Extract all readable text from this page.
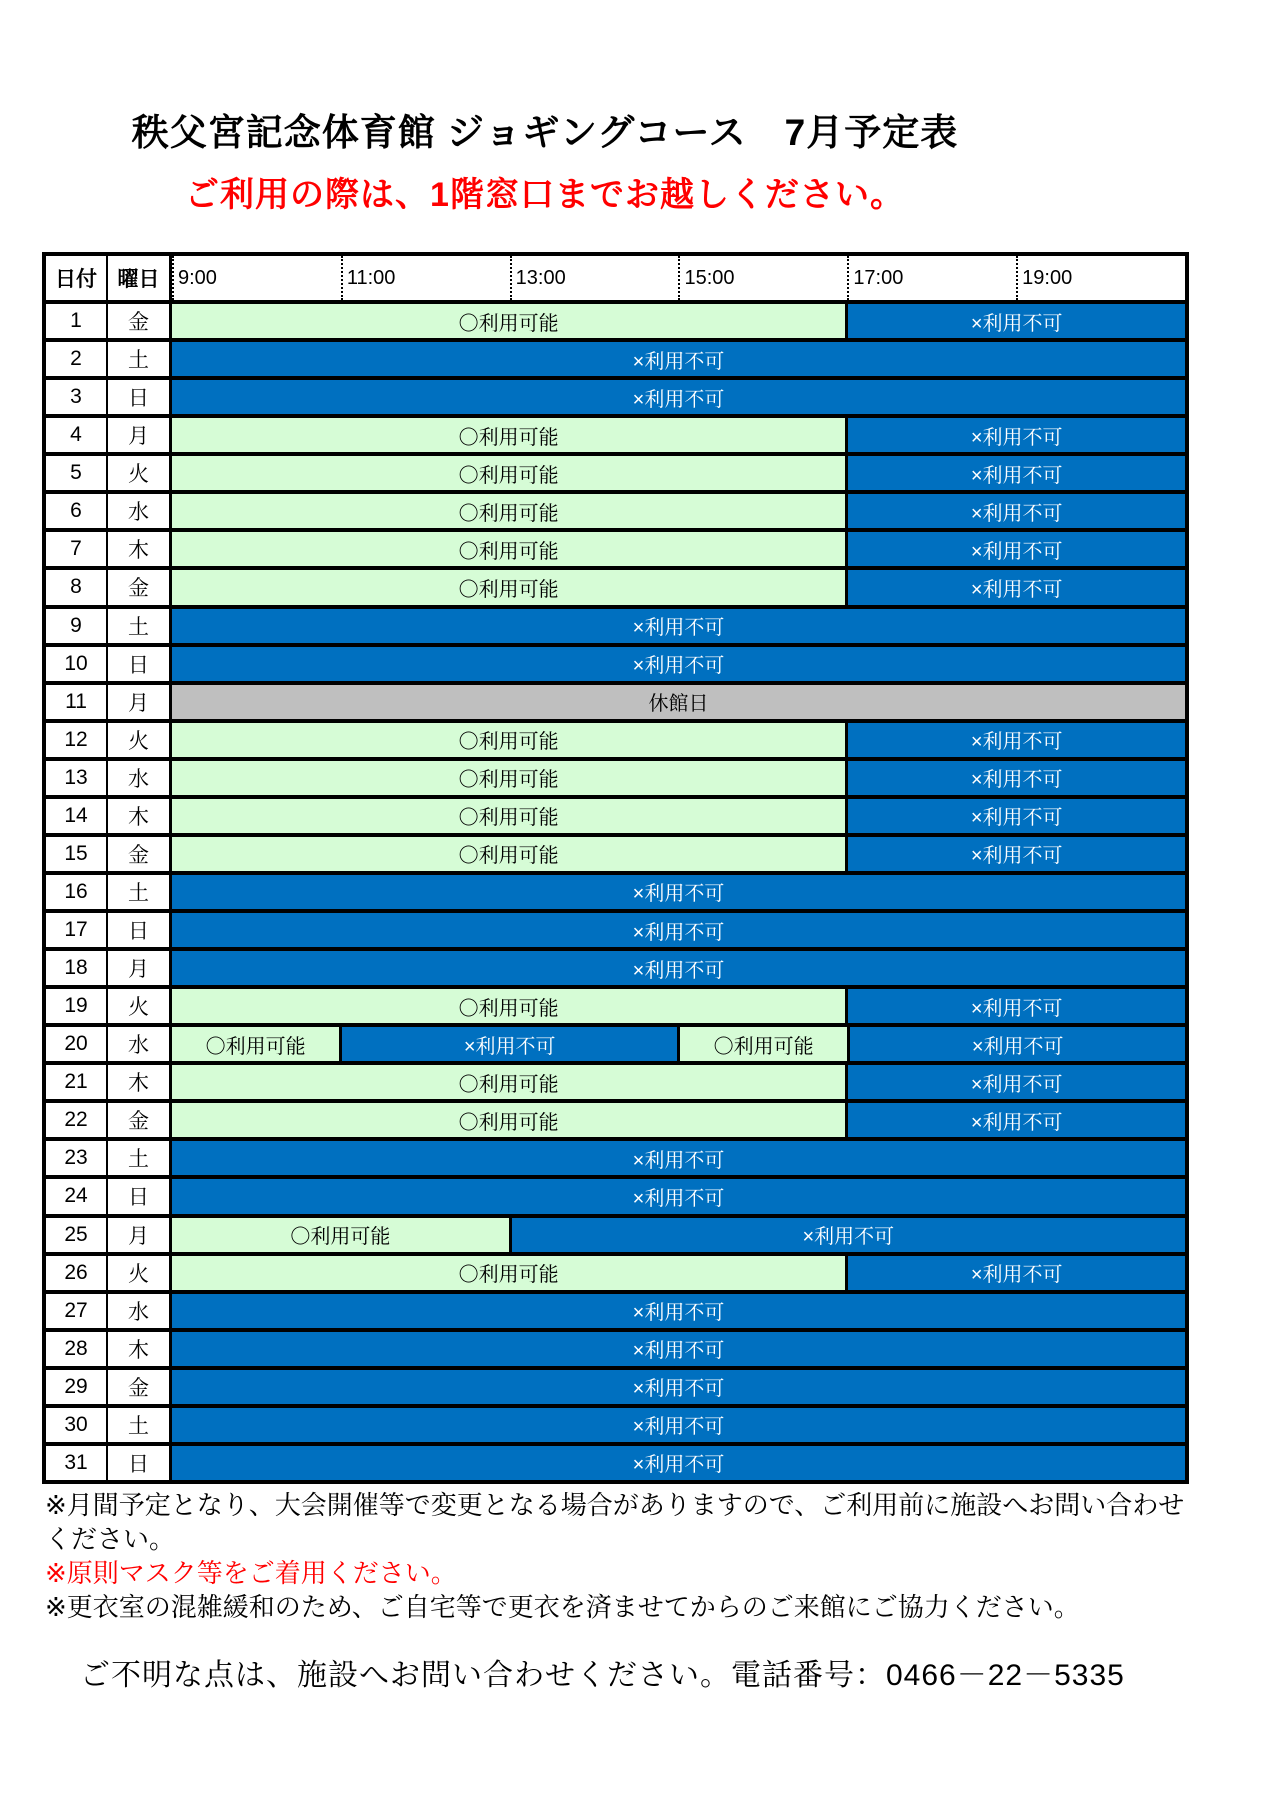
秩父宮記念体育館 ジョギングコース　7月予定表
ご利用の際は、1階窓口までお越しください。
日付 曜日 9:00	11:00	13:00	15:00	17:00	19:00
1	金	〇利用可能	×利用不可
2	土	×利用不可
3	日	×利用不可
4	月	〇利用可能	×利用不可
5	火	〇利用可能	×利用不可
6	水	〇利用可能	×利用不可
7	木	〇利用可能	×利用不可
8	金	〇利用可能	×利用不可
9	土	×利用不可
10	日	×利用不可
11	月	休館日
12	火	〇利用可能	×利用不可
13	水	〇利用可能	×利用不可
14	木	〇利用可能	×利用不可
15	金	〇利用可能	×利用不可
16	土	×利用不可
17	日	×利用不可
18	月	×利用不可
19	火	〇利用可能	×利用不可
20	水	〇利用可能	×利用不可	〇利用可能	×利用不可
21	木	〇利用可能	×利用不可
22	金	〇利用可能	×利用不可
23	土	×利用不可
24	日	×利用不可
25	月	〇利用可能	×利用不可
26	火	〇利用可能	×利用不可
27	水	×利用不可
28	木	×利用不可
29	金	×利用不可
30	土	×利用不可
31	日	×利用不可

※月間予定となり、大会開催等で変更となる場合がありますので、ご利用前に施設へお問い合わせください。

※原則マスク等をご着用ください。

※更衣室の混雑緩和のため、ご自宅等で更衣を済ませてからのご来館にご協力ください。

ご不明な点は、施設へお問い合わせください。電話番号：0466－22－5335
